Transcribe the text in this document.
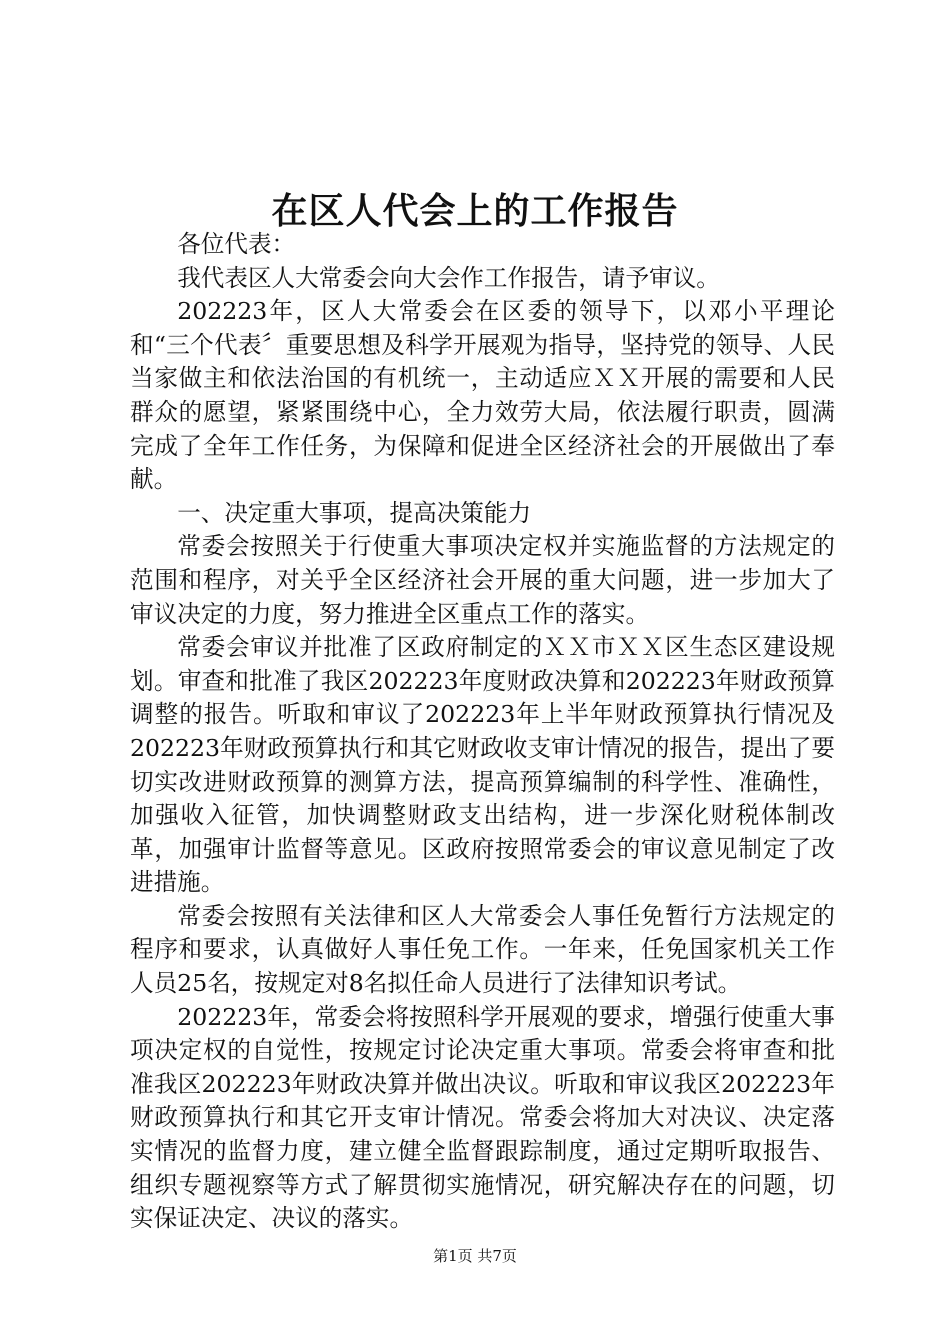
在区人代会上的工作报告

各位代表：

我代表区人大常委会向大会作工作报告，请予审议。

202223年，区人大常委会在区委的领导下，以邓小平理论和“三个代表〞重要思想及科学开展观为指导，坚持党的领导、人民当家做主和依法治国的有机统一，主动适应ＸＸ开展的需要和人民群众的愿望，紧紧围绕中心，全力效劳大局，依法履行职责，圆满完成了全年工作任务，为保障和促进全区经济社会的开展做出了奉献。

一、决定重大事项，提高决策能力

常委会按照关于行使重大事项决定权并实施监督的方法规定的范围和程序，对关乎全区经济社会开展的重大问题，进一步加大了审议决定的力度，努力推进全区重点工作的落实。

常委会审议并批准了区政府制定的ＸＸ市ＸＸ区生态区建设规划。审查和批准了我区202223年度财政决算和202223年财政预算调整的报告。听取和审议了202223年上半年财政预算执行情况及202223年财政预算执行和其它财政收支审计情况的报告，提出了要切实改进财政预算的测算方法，提高预算编制的科学性、准确性，加强收入征管，加快调整财政支出结构，进一步深化财税体制改革，加强审计监督等意见。区政府按照常委会的审议意见制定了改进措施。

常委会按照有关法律和区人大常委会人事任免暂行方法规定的程序和要求，认真做好人事任免工作。一年来，任免国家机关工作人员25名，按规定对8名拟任命人员进行了法律知识考试。

202223年，常委会将按照科学开展观的要求，增强行使重大事项决定权的自觉性，按规定讨论决定重大事项。常委会将审查和批准我区202223年财政决算并做出决议。听取和审议我区202223年财政预算执行和其它开支审计情况。常委会将加大对决议、决定落实情况的监督力度，建立健全监督跟踪制度，通过定期听取报告、组织专题视察等方式了解贯彻实施情况，研究解决存在的问题，切实保证决定、决议的落实。

第1页 共7页
